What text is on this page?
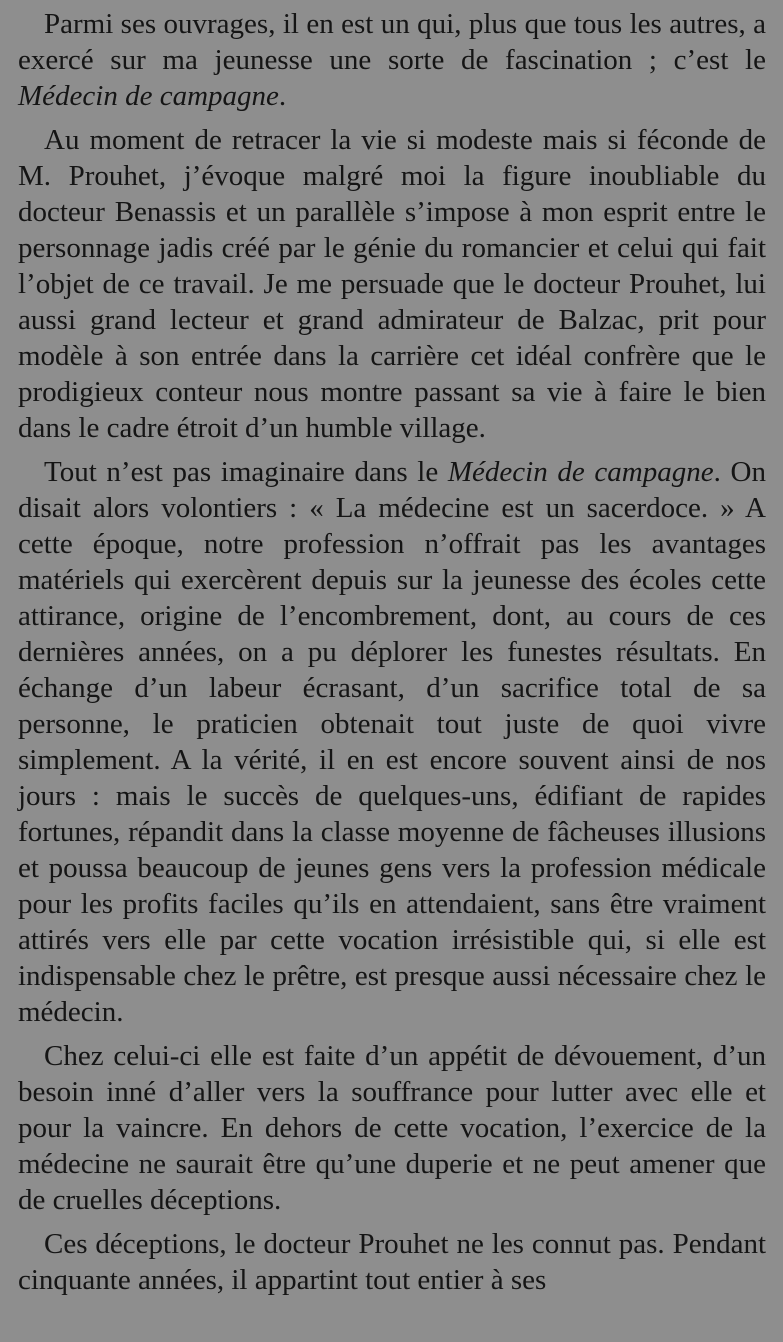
Parmi ses ouvrages, il en est un qui, plus que tous les autres, a exercé sur ma jeunesse une sorte de fascination ; c’est le Médecin de campagne.

Au moment de retracer la vie si modeste mais si féconde de M. Prouhet, j’évoque malgré moi la figure inoubliable du docteur Benassis et un parallèle s’impose à mon esprit entre le personnage jadis créé par le génie du romancier et celui qui fait l’objet de ce travail. Je me persuade que le docteur Prouhet, lui aussi grand lecteur et grand admirateur de Balzac, prit pour modèle à son entrée dans la carrière cet idéal confrère que le prodigieux conteur nous montre passant sa vie à faire le bien dans le cadre étroit d’un humble village.

Tout n’est pas imaginaire dans le Médecin de campagne. On disait alors volontiers : « La médecine est un sacerdoce. » A cette époque, notre profession n’offrait pas les avantages matériels qui exercèrent depuis sur la jeunesse des écoles cette attirance, origine de l’encombrement, dont, au cours de ces dernières années, on a pu déplorer les funestes résultats. En échange d’un labeur écrasant, d’un sacrifice total de sa personne, le praticien obtenait tout juste de quoi vivre simplement. A la vérité, il en est encore souvent ainsi de nos jours : mais le succès de quelques-uns, édifiant de rapides fortunes, répandit dans la classe moyenne de fâcheuses illusions et poussa beaucoup de jeunes gens vers la profession médicale pour les profits faciles qu’ils en attendaient, sans être vraiment attirés vers elle par cette vocation irrésistible qui, si elle est indispensable chez le prêtre, est presque aussi nécessaire chez le médecin.

Chez celui-ci elle est faite d’un appétit de dévouement, d’un besoin inné d’aller vers la souffrance pour lutter avec elle et pour la vaincre. En dehors de cette vocation, l’exercice de la médecine ne saurait être qu’une duperie et ne peut amener que de cruelles déceptions.

Ces déceptions, le docteur Prouhet ne les connut pas. Pendant cinquante années, il appartint tout entier à ses
